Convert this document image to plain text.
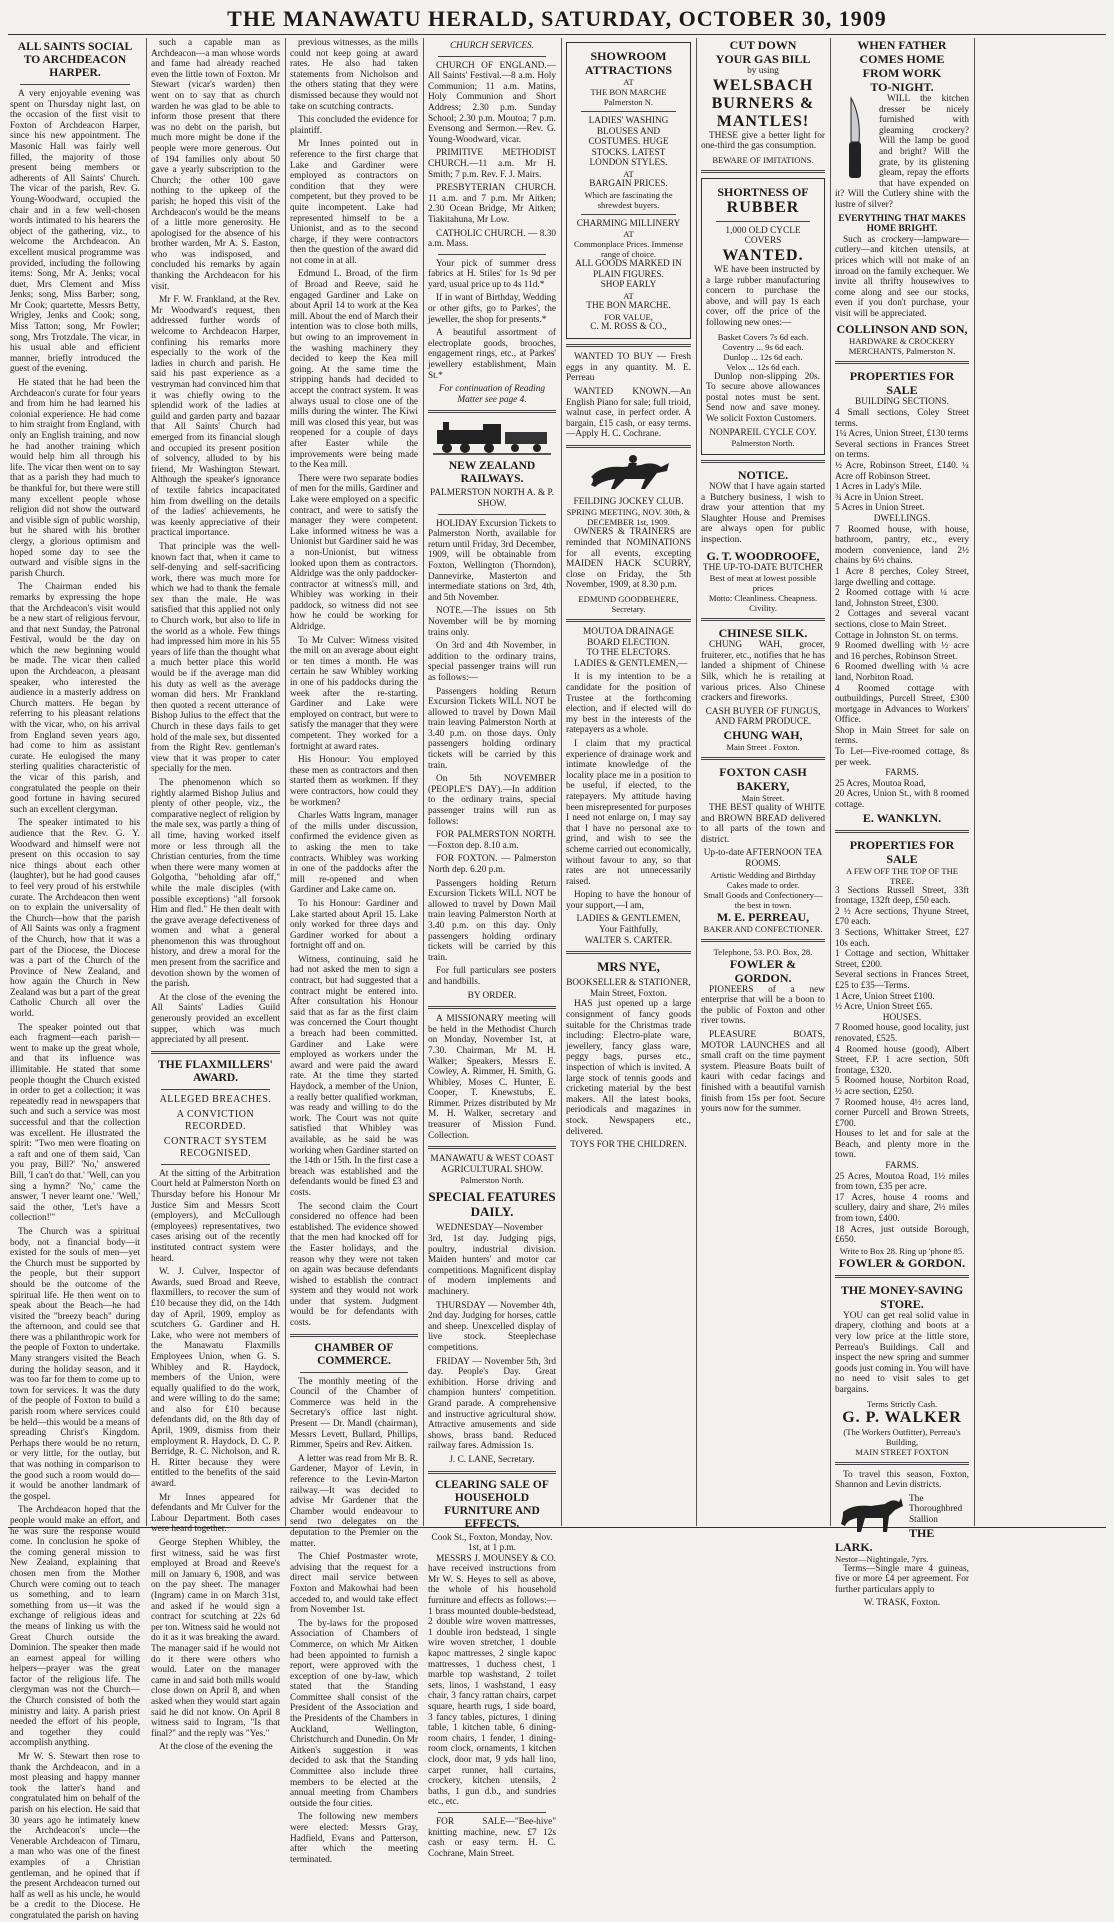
THE MANAWATU HERALD, SATURDAY, OCTOBER 30, 1909
ALL SAINTS SOCIAL TO ARCHDEACON HARPER.

A very enjoyable evening was spent on Thursday night last, on the occasion of the first visit to Foxton of Archdeacon Harper, since his new appointment. The Masonic Hall was fairly well filled, the majority of those present being members or adherents of All Saints' Church. The vicar of the parish, Rev. G. Young-Woodward, occupied the chair and in a few well-chosen words intimated to his hearers the object of the gathering, viz., to welcome the Archdeacon. An excellent musical programme was provided, including the following items: Song, Mr A. Jenks; vocal duet, Mrs Clement and Miss Jenks; song, Miss Barber; song, Mr Cook; quartette, Messrs Betty, Wrigley, Jenks and Cook; song, Miss Tatton; song, Mr Fowler; song, Mrs Trotzdale. The vicar, in his usual able and efficient manner, briefly introduced the guest of the evening.

He stated that he had been the Archdeacon's curate for four years and from him he had learned his colonial experience. He had come to him straight from England, with only an English training, and now he had another training which would help him all through his life. The vicar then went on to say that as a parish they had much to be thankful for, but there were still many excellent people whose religion did not show the outward and visible sign of public worship, but he shared with his brother clergy, a glorious optimism and hoped some day to see the outward and visible signs in the parish Church.

The Chairman ended his remarks by expressing the hope that the Archdeacon's visit would be a new start of religious fervour, and that next Sunday, the Patronal Festival, would be the day on which the new beginning would be made. The vicar then called upon the Archdeacon, a pleasant speaker, who interested the audience in a masterly address on Church matters. He began by referring to his pleasant relations with the vicar, who, on his arrival from England seven years ago, had come to him as assistant curate. He eulogised the many sterling qualities characteristic of the vicar of this parish, and congratulated the people on their good fortune in having secured such an excellent clergyman.

The speaker intimated to his audience that the Rev. G. Y. Woodward and himself were not present on this occasion to say nice things about each other (laughter), but he had good causes to feel very proud of his erstwhile curate. The Archdeacon then went on to explain the universality of the Church—how that the parish of All Saints was only a fragment of the Church, how that it was a part of the Diocese, the Diocese was a part of the Church of the Province of New Zealand, and how again the Church in New Zealand was but a part of the great Catholic Church all over the world.

The speaker pointed out that each fragment—each parish—went to make up the great whole, and that its influence was illimitable. He stated that some people thought the Church existed in order to get a collection; it was repeatedly read in newspapers that such and such a service was most successful and that the collection was excellent. He illustrated the spirit: "Two men were floating on a raft and one of them said, 'Can you pray, Bill?' 'No,' answered Bill, 'I can't do that.' 'Well, can you sing a hymn?' 'No,' came the answer, 'I never learnt one.' 'Well,' said the other, 'Let's have a collection!'"

The Church was a spiritual body, not a financial body—it existed for the souls of men—yet the Church must be supported by the people, but their support should be the outcome of the spiritual life. He then went on to speak about the Beach—he had visited the "breezy beach" during the afternoon, and could see that there was a philanthropic work for the people of Foxton to undertake. Many strangers visited the Beach during the holiday season, and it was too far for them to come up to town for services. It was the duty of the people of Foxton to build a parish room where services could be held—this would be a means of spreading Christ's Kingdom. Perhaps there would be no return, or very little, for the outlay, but that was nothing in comparison to the good such a room would do—it would be another landmark of the gospel.

The Archdeacon hoped that the people would make an effort, and he was sure the response would come. In conclusion he spoke of the coming general mission to New Zealand, explaining that chosen men from the Mother Church were coming out to teach us something, and to learn something from us—it was the exchange of religious ideas and the means of linking us with the Great Church outside the Dominion. The speaker then made an earnest appeal for willing helpers—prayer was the great factor of the religious life. The clergyman was not the Church—the Church consisted of both the ministry and laity. A parish priest needed the effort of his people, and together they could accomplish anything.

Mr W. S. Stewart then rose to thank the Archdeacon, and in a most pleasing and happy manner took the latter's hand and congratulated him on behalf of the parish on his election. He said that 30 years ago he intimately knew the Archdeacon's uncle—the Venerable Archdeacon of Timaru, a man who was one of the finest examples of a Christian gentleman, and he opined that if the present Archdeacon turned out half as well as his uncle, he would be a credit to the Diocese. He congratulated the parish on having

such a capable man as Archdeacon—a man whose words and fame had already reached even the little town of Foxton. Mr Stewart (vicar's warden) then went on to say that as church warden he was glad to be able to inform those present that there was no debt on the parish, but much more might be done if the people were more generous. Out of 194 families only about 50 gave a yearly subscription to the Church; the other 100 gave nothing to the upkeep of the parish; he hoped this visit of the Archdeacon's would be the means of a little more generosity. He apologised for the absence of his brother warden, Mr A. S. Easton, who was indisposed, and concluded his remarks by again thanking the Archdeacon for his visit.

Mr F. W. Frankland, at the Rev. Mr Woodward's request, then addressed further words of welcome to Archdeacon Harper, confining his remarks more especially to the work of the ladies in church and parish. He said his past experience as a vestryman had convinced him that it was chiefly owing to the splendid work of the ladies at guild and garden party and bazaar that All Saints' Church had emerged from its financial slough and occupied its present position of solvency, alluded to by his friend, Mr Washington Stewart. Although the speaker's ignorance of textile fabrics incapacitated him from dwelling on the details of the ladies' achievements, he was keenly appreciative of their practical importance.

That principle was the well-known fact that, when it came to self-denying and self-sacrificing work, there was much more for which we had to thank the female sex than the male. He was satisfied that this applied not only to Church work, but also to life in the world as a whole. Few things had impressed him more in his 55 years of life than the thought what a much better place this world would be if the average man did his duty as well as the average woman did hers. Mr Frankland then quoted a recent utterance of Bishop Julius to the effect that the Church in these days fails to get hold of the male sex, but dissented from the Right Rev. gentleman's view that it was proper to cater specially for the men.

The phenomenon which so rightly alarmed Bishop Julius and plenty of other people, viz., the comparative neglect of religion by the male sex, was partly a thing of all time, having worked itself more or less through all the Christian centuries, from the time when there were many women at Golgotha, "beholding afar off," while the male disciples (with possible exceptions) "all forsook Him and fled." He then dealt with the grave average defectiveness of women and what a general phenomenon this was throughout history, and drew a moral for the men present from the sacrifice and devotion shown by the women of the parish.

At the close of the evening the All Saints' Ladies Guild generously provided an excellent supper, which was much appreciated by all present.

THE FLAXMILLERS' AWARD.
ALLEGED BREACHES.
A CONVICTION RECORDED.
CONTRACT SYSTEM RECOGNISED.

At the sitting of the Arbitration Court held at Palmerston North on Thursday before his Honour Mr Justice Sim and Messrs Scott (employers), and McCullough (employees) representatives, two cases arising out of the recently instituted contract system were heard.

W. J. Culver, Inspector of Awards, sued Broad and Reeve, flaxmillers, to recover the sum of £10 because they did, on the 14th day of April, 1909, employ as scutchers G. Gardiner and H. Lake, who were not members of the Manawatu Flaxmills Employees Union, when G. S. Whibley and R. Haydock, members of the Union, were equally qualified to do the work, and were willing to do the same; and also for £10 because defendants did, on the 8th day of April, 1909, dismiss from their employment R. Haydock, D. C. P. Berridge, R. C. Nicholson, and R. H. Ritter because they were entitled to the benefits of the said award.

Mr Innes appeared for defendants and Mr Culver for the Labour Department. Both cases were heard together.

George Stephen Whibley, the first witness, said he was first employed at Broad and Reeve's mill on January 6, 1908, and was on the pay sheet. The manager (Ingram) came in on March 31st, and asked if he would sign a contract for scutching at 22s 6d per ton. Witness said he would not do it as it was breaking the award. The manager said if he would not do it there were others who would. Later on the manager came in and said both mills would close down on April 8, and when asked when they would start again said he did not know. On April 8 witness said to Ingram, "Is that final?" and the reply was "Yes."

At the close of the evening the

previous witnesses, as the mills could not keep going at award rates. He also had taken statements from Nicholson and the others stating that they were dismissed because they would not take on scutching contracts.

This concluded the evidence for plaintiff.

Mr Innes pointed out in reference to the first charge that Lake and Gardiner were employed as contractors on condition that they were competent, but they proved to be quite incompetent. Lake had represented himself to be a Unionist, and as to the second charge, if they were contractors then the question of the award did not come in at all.

Edmund L. Broad, of the firm of Broad and Reeve, said he engaged Gardiner and Lake on about April 14 to work at the Kea mill. About the end of March their intention was to close both mills, but owing to an improvement in the washing machinery they decided to keep the Kea mill going. At the same time the stripping hands had decided to accept the contract system. It was always usual to close one of the mills during the winter. The Kiwi mill was closed this year, but was reopened for a couple of days after Easter while the improvements were being made to the Kea mill.

There were two separate bodies of men for the mills. Gardiner and Lake were employed on a specific contract, and were to satisfy the manager they were competent. Lake informed witness he was a Unionist but Gardiner said he was a non-Unionist, but witness looked upon them as contractors. Aldridge was the only paddocker-contractor at witness's mill, and Whibley was working in their paddock, so witness did not see how he could be working for Aldridge.

To Mr Culver: Witness visited the mill on an average about eight or ten times a month. He was certain he saw Whibley working in one of his paddocks during the week after the re-starting. Gardiner and Lake were employed on contract, but were to satisfy the manager that they were competent. They worked for a fortnight at award rates.

His Honour: You employed these men as contractors and then started them as workmen. If they were contractors, how could they be workmen?

Charles Watts Ingram, manager of the mills under discussion, confirmed the evidence given as to asking the men to take contracts. Whibley was working in one of the paddocks after the mill re-opened and when Gardiner and Lake came on.

To his Honour: Gardiner and Lake started about April 15. Lake only worked for three days and Gardiner worked for about a fortnight off and on.

Witness, continuing, said he had not asked the men to sign a contract, but had suggested that a contract might be entered into. After consultation his Honour said that as far as the first claim was concerned the Court thought a breach had been committed. Gardiner and Lake were employed as workers under the award and were paid the award rate. At the time they started Haydock, a member of the Union, a really better qualified workman, was ready and willing to do the work. The Court was not quite satisfied that Whibley was available, as he said he was working when Gardiner started on the 14th or 15th. In the first case a breach was established and the defendants would be fined £3 and costs.

The second claim the Court considered no offence had been established. The evidence showed that the men had knocked off for the Easter holidays, and the reason why they were not taken on again was because defendants wished to establish the contract system and they would not work under that system. Judgment would be for defendants with costs.

CHAMBER OF COMMERCE.

The monthly meeting of the Council of the Chamber of Commerce was held in the Secretary's office last night. Present — Dr. Mandl (chairman), Messrs Levett, Bullard, Phillips, Rimmer, Speirs and Rev. Aitken.

A letter was read from Mr B. R. Gardener, Mayor of Levin, in reference to the Levin-Marton railway.—It was decided to advise Mr Gardener that the Chamber would endeavour to send two delegates on the deputation to the Premier on the matter.

The Chief Postmaster wrote, advising that the request for a direct mail service between Foxton and Makowhai had been acceded to, and would take effect from November 1st.

The by-laws for the proposed Association of Chambers of Commerce, on which Mr Aitken had been appointed to furnish a report, were approved with the exception of one by-law, which stated that the Standing Committee shall consist of the President of the Association and the Presidents of the Chambers in Auckland, Wellington, Christchurch and Dunedin. On Mr Aitken's suggestion it was decided to ask that the Standing Committee also include three members to be elected at the annual meeting from Chambers outside the four cities.

The following new members were elected: Messrs Gray, Hadfield, Evans and Patterson, after which the meeting terminated.

CHURCH SERVICES.

CHURCH OF ENGLAND.—All Saints' Festival.—8 a.m. Holy Communion; 11 a.m. Matins, Holy Communion and Short Address; 2.30 p.m. Sunday School; 2.30 p.m. Moutoa; 7 p.m. Evensong and Sermon.—Rev. G. Young-Woodward, vicar.

PRIMITIVE METHODIST CHURCH.—11 a.m. Mr H. Smith; 7 p.m. Rev. F. J. Mairs.

PRESBYTERIAN CHURCH. 11 a.m. and 7 p.m. Mr Aitken; 2.30 Ocean Bridge, Mr Aitken; Tiakitahuna, Mr Low.

CATHOLIC CHURCH. — 8.30 a.m. Mass.

Your pick of summer dress fabrics at H. Stiles' for 1s 9d per yard, usual price up to 4s 11d.*

If in want of Birthday, Wedding or other gifts, go to Parkes', the jeweller, the shop for presents.*

A beautiful assortment of electroplate goods, brooches, engagement rings, etc., at Parkes' jewellery establishment, Main St.*

For continuation of Reading Matter see page 4.
NEW ZEALAND RAILWAYS.
PALMERSTON NORTH A. & P. SHOW.

HOLIDAY Excursion Tickets to Palmerston North, available for return until Friday, 3rd December, 1909, will be obtainable from Foxton, Wellington (Thorndon), Dannevirke, Masterton and intermediate stations on 3rd, 4th, and 5th November.

NOTE.—The issues on 5th November will be by morning trains only.

On 3rd and 4th November, in addition to the ordinary trains, special passenger trains will run as follows:—

Passengers holding Return Excursion Tickets WILL NOT be allowed to travel by Down Mail train leaving Palmerston North at 3.40 p.m. on those days. Only passengers holding ordinary tickets will be carried by this train.

On 5th NOVEMBER (PEOPLE'S DAY).—In addition to the ordinary trains, special passenger trains will run as follows:

FOR PALMERSTON NORTH.—Foxton dep. 8.10 a.m.

FOR FOXTON. — Palmerston North dep. 6.20 p.m.

Passengers holding Return Excursion Tickets WILL NOT be allowed to travel by Down Mail train leaving Palmerston North at 3.40 p.m. on this day. Only passengers holding ordinary tickets will be carried by this train.

For full particulars see posters and handbills.

BY ORDER.

A MISSIONARY meeting will be held in the Methodist Church on Monday, November 1st, at 7.30. Chairman, Mr M. H. Walker; Speakers, Messrs E. Cowley, A. Rimmer, H. Smith, G. Whibley, Moses C. Hunter, E. Cooper, T. Knewstubs, E. Rimmer. Prizes distributed by Mr M. H. Walker, secretary and treasurer of Mission Fund. Collection.

MANAWATU & WEST COAST AGRICULTURAL SHOW.
Palmerston North.
SPECIAL FEATURES DAILY.

WEDNESDAY—November 3rd, 1st day. Judging pigs, poultry, industrial division. Maiden hunters' and motor car competitions. Magnificent display of modern implements and machinery.

THURSDAY — November 4th, 2nd day. Judging for horses, cattle and sheep. Unexcelled display of live stock. Steeplechase competitions.

FRIDAY — November 5th, 3rd day. People's Day. Great exhibition. Horse driving and champion hunters' competition. Grand parade. A comprehensive and instructive agricultural show. Attractive amusements and side shows, brass band. Reduced railway fares. Admission 1s.

J. C. LANE, Secretary.
CLEARING SALE OF HOUSEHOLD FURNITURE AND EFFECTS.
Cook St., Foxton, Monday, Nov. 1st, at 1 p.m.

MESSRS J. MOUNSEY & CO. have received instructions from Mr W. S. Heyes to sell as above, the whole of his household furniture and effects as follows:— 1 brass mounted double-bedstead, 2 double wire woven mattresses, 1 double iron bedstead, 1 single wire woven stretcher, 1 double kapoc mattresses, 2 single kapoc mattresses, 1 duchess chest, 1 marble top washstand, 2 toilet sets, linos, 1 washstand, 1 easy chair, 3 fancy rattan chairs, carpet square, hearth rugs, 1 side board, 3 fancy tables, pictures, 1 dining table, 1 kitchen table, 6 dining-room chairs, 1 fender, 1 dining-room clock, ornaments, 1 kitchen clock, door mat, 9 yds hall lino, carpet runner, hall curtains, crockery, kitchen utensils, 2 baths, 1 gun d.b., and sundries etc., etc.

FOR SALE—"Bee-hive" knitting machine, new. £7 12s cash or easy term. H. C. Cochrane, Main Street.

SHOWROOM
ATTRACTIONS
AT
THE BON MARCHE
Palmerston N.
LADIES' WASHING BLOUSES AND COSTUMES. HUGE STOCKS. LATEST LONDON STYLES.
AT
BARGAIN PRICES.
Which are fascinating the shrewdest buyers.
CHARMING MILLINERY
AT
Commonplace Prices. Immense range of choice.
ALL GOODS MARKED IN PLAIN FIGURES.
SHOP EARLY
AT
THE BON MARCHE.
FOR VALUE,
C. M. ROSS & CO.,

WANTED TO BUY — Fresh eggs in any quantity. M. E. Perreau

WANTED KNOWN.—An English Piano for sale; full trioid, walnut case, in perfect order. A bargain, £15 cash, or easy terms.—Apply H. C. Cochrane.

FEILDING JOCKEY CLUB.
SPRING MEETING, NOV. 30th, & DECEMBER 1st, 1909.

OWNERS & TRAINERS are reminded that NOMINATIONS for all events, excepting MAIDEN HACK SCURRY, close on Friday, the 5th November, 1909, at 8.30 p.m.

EDMUND GOODBEHERE, Secretary.
MOUTOA DRAINAGE BOARD ELECTION.
TO THE ELECTORS.

LADIES & GENTLEMEN,—

It is my intention to be a candidate for the position of Trustee at the forthcoming election, and if elected will do my best in the interests of the ratepayers as a whole.

I claim that my practical experience of drainage work and intimate knowledge of the locality place me in a position to be useful, if elected, to the ratepayers. My attitude having been misrepresented for purposes I need not enlarge on, I may say that I have no personal axe to grind, and wish to see the scheme carried out economically, without favour to any, so that rates are not unnecessarily raised.

Hoping to have the honour of your support,—I am,

LADIES & GENTLEMEN,
Your Faithfully,
WALTER S. CARTER.
MRS NYE,
BOOKSELLER & STATIONER,
Main Street, Foxton.

HAS just opened up a large consignment of fancy goods suitable for the Christmas trade including: Electro-plate ware, jewellery, fancy glass ware, peggy bags, purses etc., inspection of which is invited. A large stock of tennis goods and cricketing material by the best makers. All the latest books, periodicals and magazines in stock. Newspapers etc., delivered.

TOYS FOR THE CHILDREN.
CUT DOWN
YOUR GAS BILL
by using
WELSBACH
BURNERS &
MANTLES!

THESE give a better light for one-third the gas consumption.

BEWARE OF IMITATIONS.
SHORTNESS OF
RUBBER
1,000 OLD CYCLE COVERS
WANTED.

WE have been instructed by a large rubber manufacturing concern to purchase the above, and will pay 1s each cover, off the price of the following new ones:—

Basket Covers 7s 6d each.
Coventry ... 9s 6d each.
Dunlop ... 12s 6d each.
Velox ... 12s 6d each.

Dunlop non-slipping 20s. To secure above allowances postal notes must be sent. Send now and save money. We solicit Foxton Customers.

NONPAREIL CYCLE COY.
Palmerston North.
NOTICE.

NOW that I have again started a Butchery business, I wish to draw your attention that my Slaughter House and Premises are always open for public inspection.

G. T. WOODROOFE,
THE UP-TO-DATE BUTCHER
Best of meat at lowest possible prices
Motto: Cleanliness. Cheapness. Civility.
CHINESE SILK.

CHUNG WAH, grocer, fruiterer, etc., notifies that he has landed a shipment of Chinese Silk, which he is retailing at various prices. Also Chinese crackers and fireworks.

CASH BUYER OF FUNGUS, AND FARM PRODUCE.
CHUNG WAH,
Main Street . Foxton.
FOXTON CASH BAKERY,
Main Street.

THE BEST quality of WHITE and BROWN BREAD delivered to all parts of the town and district.

Up-to-date AFTERNOON TEA ROOMS.
Artistic Wedding and Birthday Cakes made to order.
Small Goods and Confectionery—the best in town.
M. E. PERREAU,
BAKER AND CONFECTIONER.
Telephone, 53. P.O. Box, 28.
FOWLER & GORDON.

PIONEERS of a new enterprise that will be a boon to the public of Foxton and other river towns.

PLEASURE BOATS, MOTOR LAUNCHES and all small craft on the time payment system. Pleasure Boats built of kauri with cedar facings and finished with a beautiful varnish finish from 15s per foot. Secure yours now for the summer.

WHEN FATHER
COMES HOME
FROM WORK
TO-NIGHT.

WILL the kitchen dresser be nicely furnished with gleaming crockery? Will the lamp be good and bright? Will the grate, by its glistening gleam, repay the efforts that have expended on it? Will the Cutlery shine with the lustre of silver?

EVERYTHING THAT MAKES HOME BRIGHT.

Such as crockery—lampware—cutlery—and kitchen utensils, at prices which will not make of an inroad on the family exchequer. We invite all thrifty housewives to come along and see our stocks, even if you don't purchase, your visit will be appreciated.

COLLINSON AND SON,
HARDWARE & CROCKERY MERCHANTS, Palmerston N.
PROPERTIES FOR SALE
BUILDING SECTIONS.
4 Small sections, Coley Street terms.
1¼ Acres, Union Street, £130 terms
Several sections in Frances Street on terms.
½ Acre, Robinson Street, £140. ¼ Acre off Robinson Street.
1 Acres in Lady's Mile.
¾ Acre in Union Street.
5 Acres in Union Street.
DWELLINGS.
7 Roomed house, with house, bathroom, pantry, etc., every modern convenience, land 2½ chains by 6½ chains.
1 Acre 8 perches, Coley Street, large dwelling and cottage.
2 Roomed cottage with ¼ acre land, Johnston Street, £300.
2 Cottages and several vacant sections, close to Main Street.
Cottage in Johnston St. on terms.
9 Roomed dwelling with ½ acre and 16 perches, Robinson Street.
6 Roomed dwelling with ¼ acre land, Norbiton Road.
4 Roomed cottage with outbuildings, Purcell Street, £300 mortgage in Advances to Workers' Office.
Shop in Main Street for sale on terms.
To Let—Five-roomed cottage, 8s per week.
FARMS.
25 Acres, Moutoa Road,
20 Acres, Union St., with 8 roomed cottage.
E. WANKLYN.
PROPERTIES FOR SALE
A FEW OFF THE TOP OF THE TREE.
3 Sections Russell Street, 33ft frontage, 132ft deep, £50 each.
2 ½ Acre sections, Thyune Street, £70 each.
3 Sections, Whittaker Street, £27 10s each.
1 Cottage and section, Whittaker Street, £200.
Several sections in Frances Street, £25 to £35—Terms.
1 Acre, Union Street £100.
½ Acre, Union Street £65.
HOUSES.
7 Roomed house, good locality, just renovated, £525.
4 Roomed house (good), Albert Street, F.P. 1 acre section, 50ft frontage, £320.
5 Roomed house, Norbiton Road, ½ acre section, £250.
7 Roomed house, 4½ acres land, corner Purcell and Brown Streets, £700.
Houses to let and for sale at the Beach, and plenty more in the town.
FARMS.
25 Acres, Moutoa Road, 1½ miles from town, £35 per acre.
17 Acres, house 4 rooms and scullery, dairy and share, 2½ miles from town, £400.
18 Acres, just outside Borough, £650.
Write to Box 28. Ring up 'phone 85.
FOWLER & GORDON.
THE MONEY-SAVING STORE.

YOU can get real solid value in drapery, clothing and boots at a very low price at the little store, Perreau's Buildings. Call and inspect the new spring and summer goods just coming in. You will have no need to visit sales to get bargains.

Terms Strictly Cash.
G. P. WALKER
(The Workers Outfitter), Perreau's Building,
MAIN STREET FOXTON

To travel this season, Foxton, Shannon and Levin districts.

The Thoroughbred Stallion
THE LARK.
Nestor—Nightingale, 7yrs.

Terms—Single mare 4 guineas, five or more £4 per agreement. For further particulars apply to

W. TRASK, Foxton.
